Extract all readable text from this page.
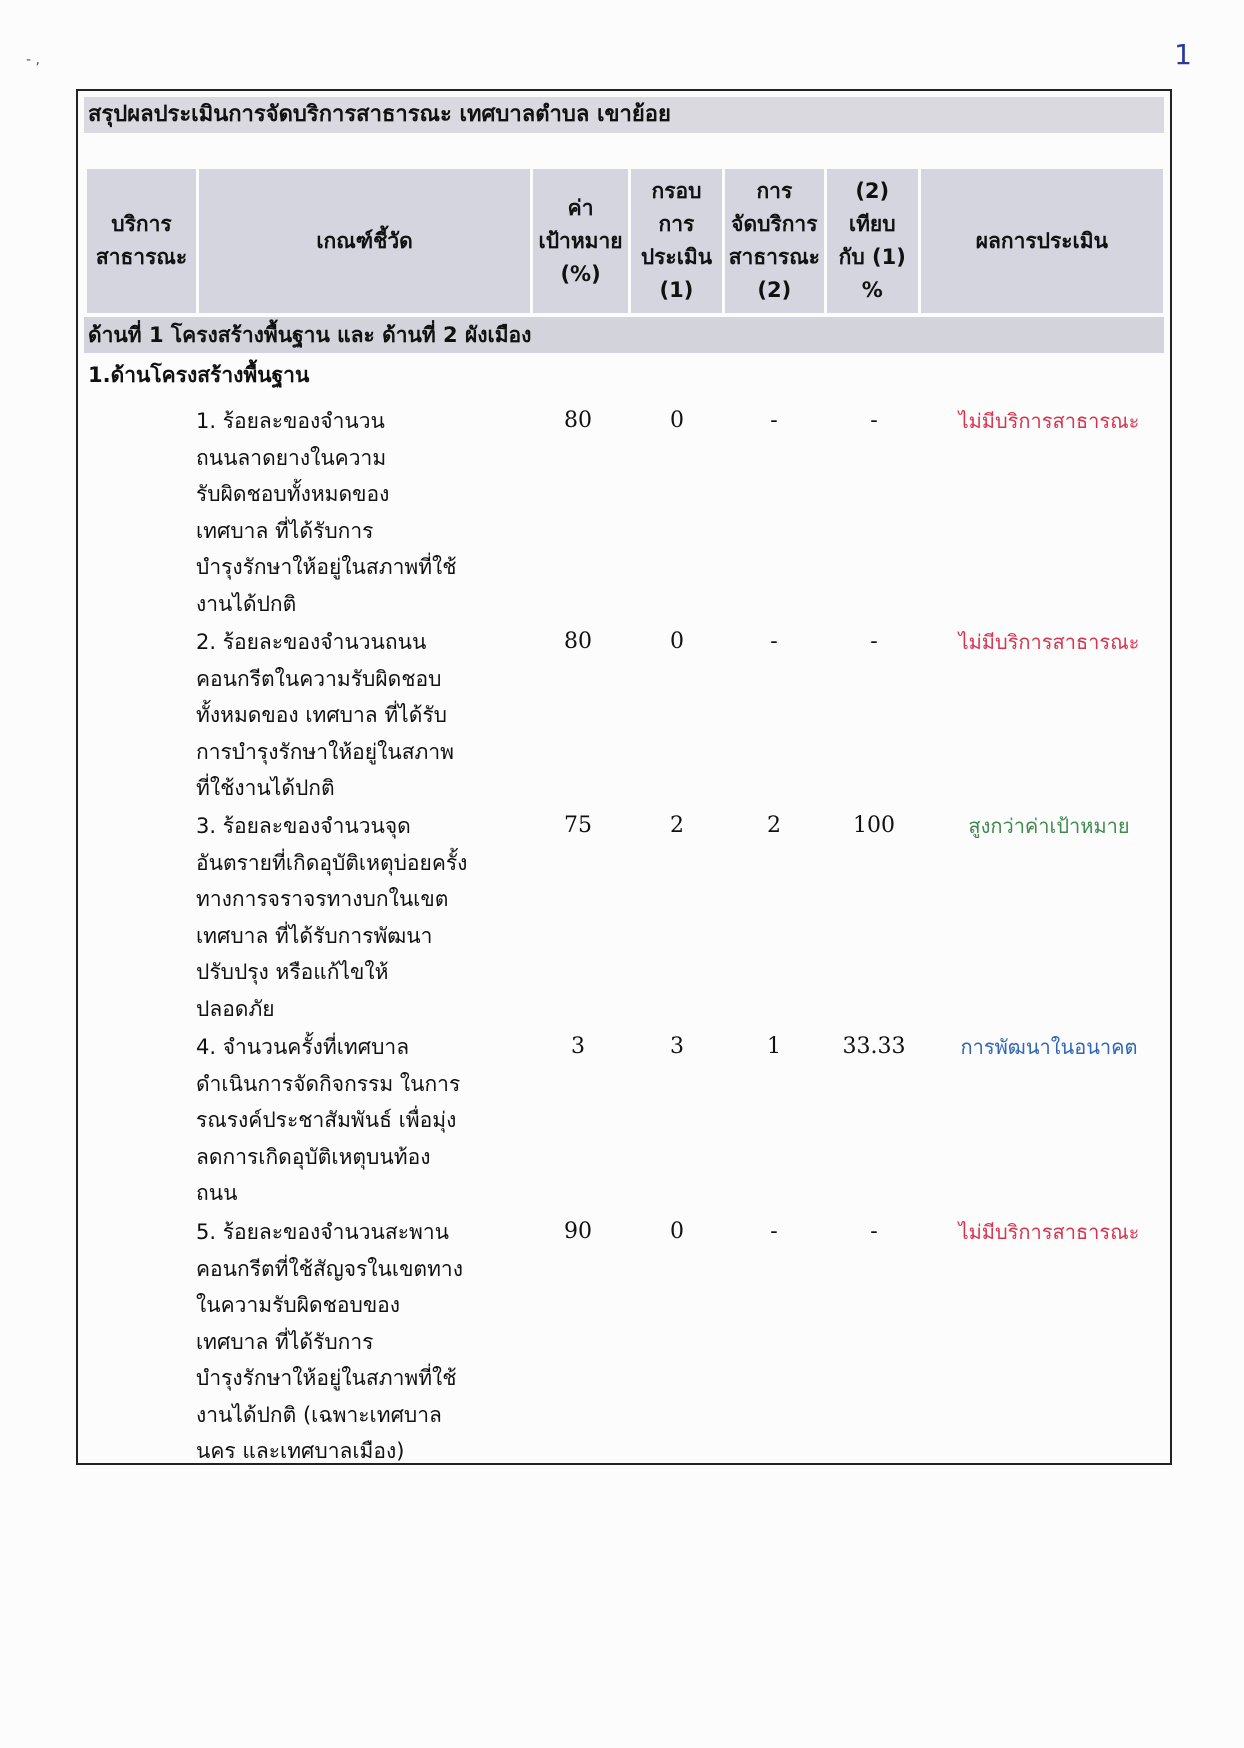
- ,	1
สรุปผลประเมินการจัดบริการสาธารณะ เทศบาลตำบล เขาย้อย
บริการ
สาธารณะ	เกณฑ์ชี้วัด	ค่า
เป้าหมาย
(%)	กรอบ
การ
ประเมิน
(1)	การ
จัดบริการ
สาธารณะ
(2)	(2)
เทียบ
กับ (1)
%	ผลการประเมิน
ด้านที่ 1 โครงสร้างพื้นฐาน และ ด้านที่ 2 ผังเมือง
1.ด้านโครงสร้างพื้นฐาน
1. ร้อยละของจำนวน
ถนนลาดยางในความ
รับผิดชอบทั้งหมดของ
เทศบาล ที่ได้รับการ
บำรุงรักษาให้อยู่ในสภาพที่ใช้
งานได้ปกติ
80	0	-	-	ไม่มีบริการสาธารณะ
2. ร้อยละของจำนวนถนน
คอนกรีตในความรับผิดชอบ
ทั้งหมดของ เทศบาล ที่ได้รับ
การบำรุงรักษาให้อยู่ในสภาพ
ที่ใช้งานได้ปกติ
80	0	-	-	ไม่มีบริการสาธารณะ
3. ร้อยละของจำนวนจุด
อันตรายที่เกิดอุบัติเหตุบ่อยครั้ง
ทางการจราจรทางบกในเขต
เทศบาล ที่ได้รับการพัฒนา
ปรับปรุง หรือแก้ไขให้
ปลอดภัย
75	2	2	100	สูงกว่าค่าเป้าหมาย
4. จำนวนครั้งที่เทศบาล
ดำเนินการจัดกิจกรรม ในการ
รณรงค์ประชาสัมพันธ์ เพื่อมุ่ง
ลดการเกิดอุบัติเหตุบนท้อง
ถนน
3	3	1	33.33	การพัฒนาในอนาคต
5. ร้อยละของจำนวนสะพาน
คอนกรีตที่ใช้สัญจรในเขตทาง
ในความรับผิดชอบของ
เทศบาล ที่ได้รับการ
บำรุงรักษาให้อยู่ในสภาพที่ใช้
งานได้ปกติ (เฉพาะเทศบาล
นคร และเทศบาลเมือง)
90	0	-	-	ไม่มีบริการสาธารณะ
